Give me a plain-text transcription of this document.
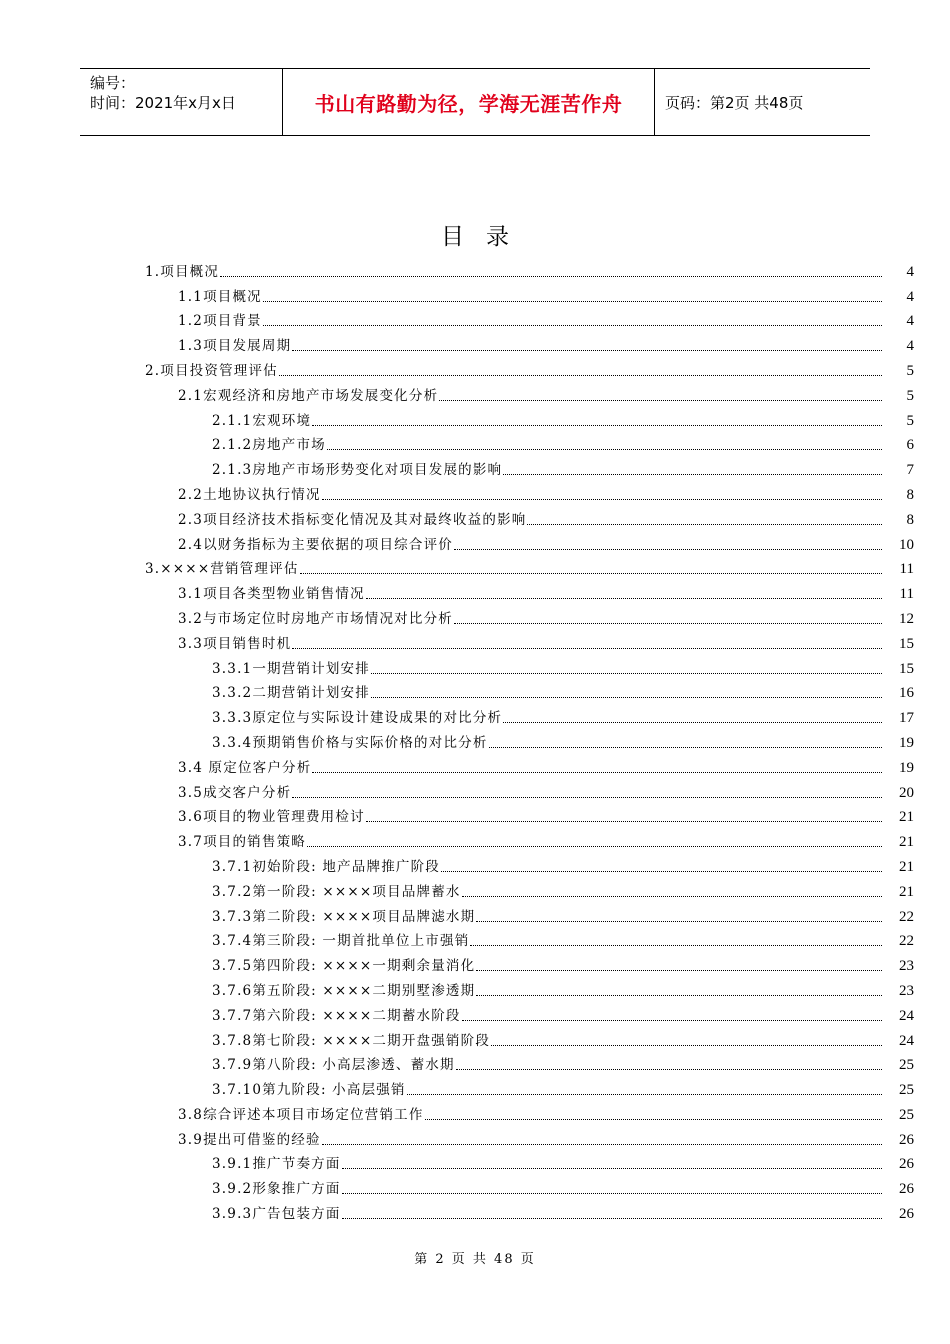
编号：
时间：2021年x月x日	书山有路勤为径，学海无涯苦作舟	页码：第2页 共48页
目录
1.项目概况	4
1.1项目概况	4
1.2项目背景	4
1.3项目发展周期	4
2.项目投资管理评估	5
2.1宏观经济和房地产市场发展变化分析	5
2.1.1宏观环境	5
2.1.2房地产市场	6
2.1.3房地产市场形势变化对项目发展的影响	7
2.2土地协议执行情况	8
2.3项目经济技术指标变化情况及其对最终收益的影响	8
2.4以财务指标为主要依据的项目综合评价	10
3.××××营销管理评估	11
3.1项目各类型物业销售情况	11
3.2与市场定位时房地产市场情况对比分析	12
3.3项目销售时机	15
3.3.1一期营销计划安排	15
3.3.2二期营销计划安排	16
3.3.3原定位与实际设计建设成果的对比分析	17
3.3.4预期销售价格与实际价格的对比分析	19
3.4 原定位客户分析	19
3.5成交客户分析	20
3.6项目的物业管理费用检讨	21
3.7项目的销售策略	21
3.7.1初始阶段: 地产品牌推广阶段	21
3.7.2第一阶段: ××××项目品牌蓄水	21
3.7.3第二阶段: ××××项目品牌滤水期	22
3.7.4第三阶段: 一期首批单位上市强销	22
3.7.5第四阶段: ××××一期剩余量消化	23
3.7.6第五阶段: ××××二期别墅渗透期	23
3.7.7第六阶段: ××××二期蓄水阶段	24
3.7.8第七阶段: ××××二期开盘强销阶段	24
3.7.9第八阶段: 小高层渗透、蓄水期	25
3.7.10第九阶段: 小高层强销	25
3.8综合评述本项目市场定位营销工作	25
3.9提出可借鉴的经验	26
3.9.1推广节奏方面	26
3.9.2形象推广方面	26
3.9.3广告包装方面	26
第 2 页 共 48 页
